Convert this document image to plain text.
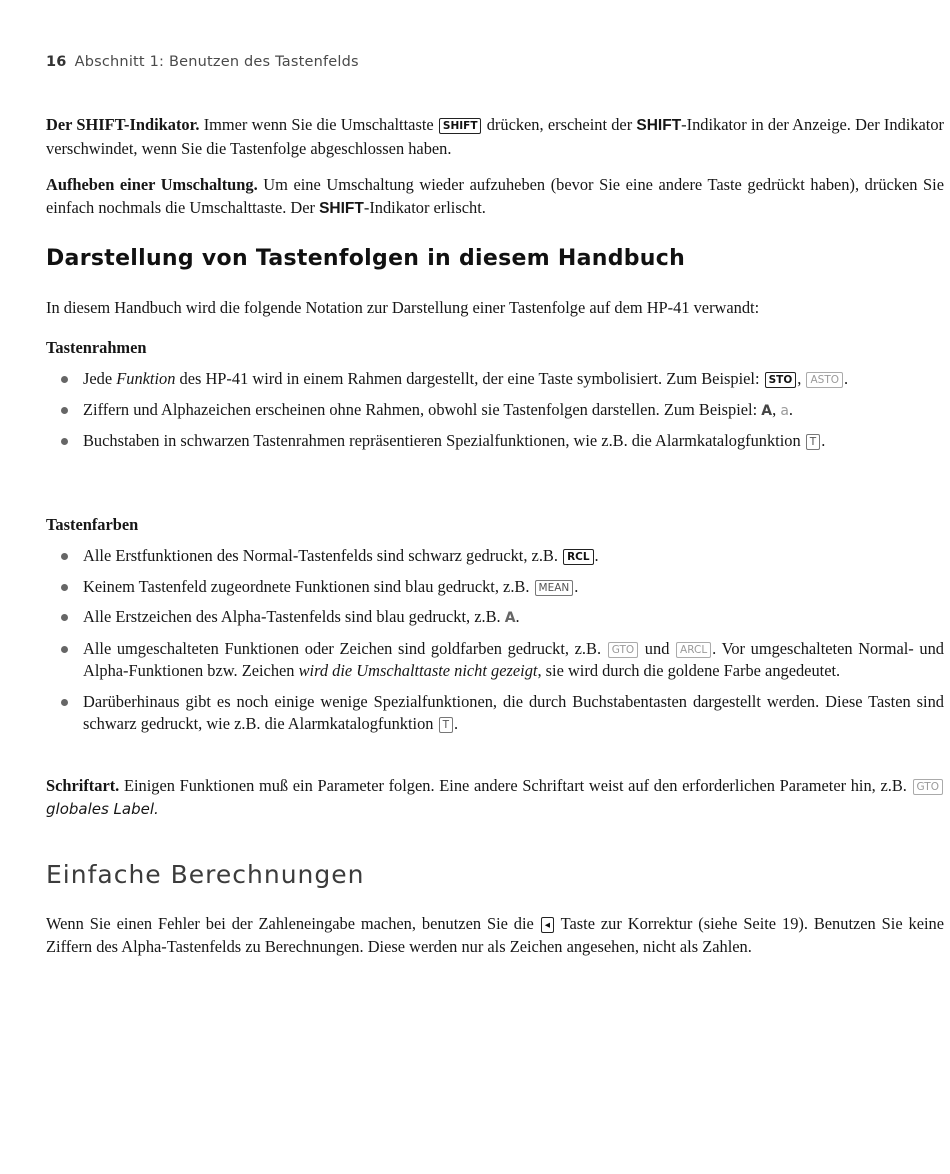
16 Abschnitt 1: Benutzen des Tastenfelds

Der SHIFT-Indikator. Immer wenn Sie die Umschalttaste SHIFT drücken, erscheint der SHIFT-Indikator in der Anzeige. Der Indikator verschwindet, wenn Sie die Tastenfolge abgeschlossen haben.

Aufheben einer Umschaltung. Um eine Umschaltung wieder aufzuheben (bevor Sie eine andere Taste gedrückt haben), drücken Sie einfach nochmals die Umschalttaste. Der SHIFT-Indikator erlischt.

Darstellung von Tastenfolgen in diesem Handbuch

In diesem Handbuch wird die folgende Notation zur Darstellung einer Tastenfolge auf dem HP-41 verwandt:

Tastenrahmen
Jede Funktion des HP-41 wird in einem Rahmen dargestellt, der eine Taste symbolisiert. Zum Beispiel: STO , ASTO .
Ziffern und Alphazeichen erscheinen ohne Rahmen, obwohl sie Tastenfolgen darstellen. Zum Beispiel: A, a.
Buchstaben in schwarzen Tastenrahmen repräsentieren Spezialfunktionen, wie z.B. die Alarmkatalogfunktion T .
Tastenfarben
Alle Erstfunktionen des Normal-Tastenfelds sind schwarz gedruckt, z.B. RCL .
Keinem Tastenfeld zugeordnete Funktionen sind blau gedruckt, z.B. MEAN .
Alle Erstzeichen des Alpha-Tastenfelds sind blau gedruckt, z.B. A.
Alle umgeschalteten Funktionen oder Zeichen sind goldfarben gedruckt, z.B. GTO und ARCL . Vor umgeschalteten Normal- und Alpha-Funktionen bzw. Zeichen wird die Umschalttaste nicht gezeigt, sie wird durch die goldene Farbe angedeutet.
Darüberhinaus gibt es noch einige wenige Spezialfunktionen, die durch Buchstabentasten dargestellt werden. Diese Tasten sind schwarz gedruckt, wie z.B. die Alarmkatalogfunktion T .

Schriftart. Einigen Funktionen muß ein Parameter folgen. Eine andere Schriftart weist auf den erforderlichen Parameter hin, z.B. GTO globales Label.

Einfache Berechnungen

Wenn Sie einen Fehler bei der Zahleneingabe machen, benutzen Sie die ◂ Taste zur Korrektur (siehe Seite 19). Benutzen Sie keine Ziffern des Alpha-Tastenfelds zu Berechnungen. Diese werden nur als Zeichen angesehen, nicht als Zahlen.
